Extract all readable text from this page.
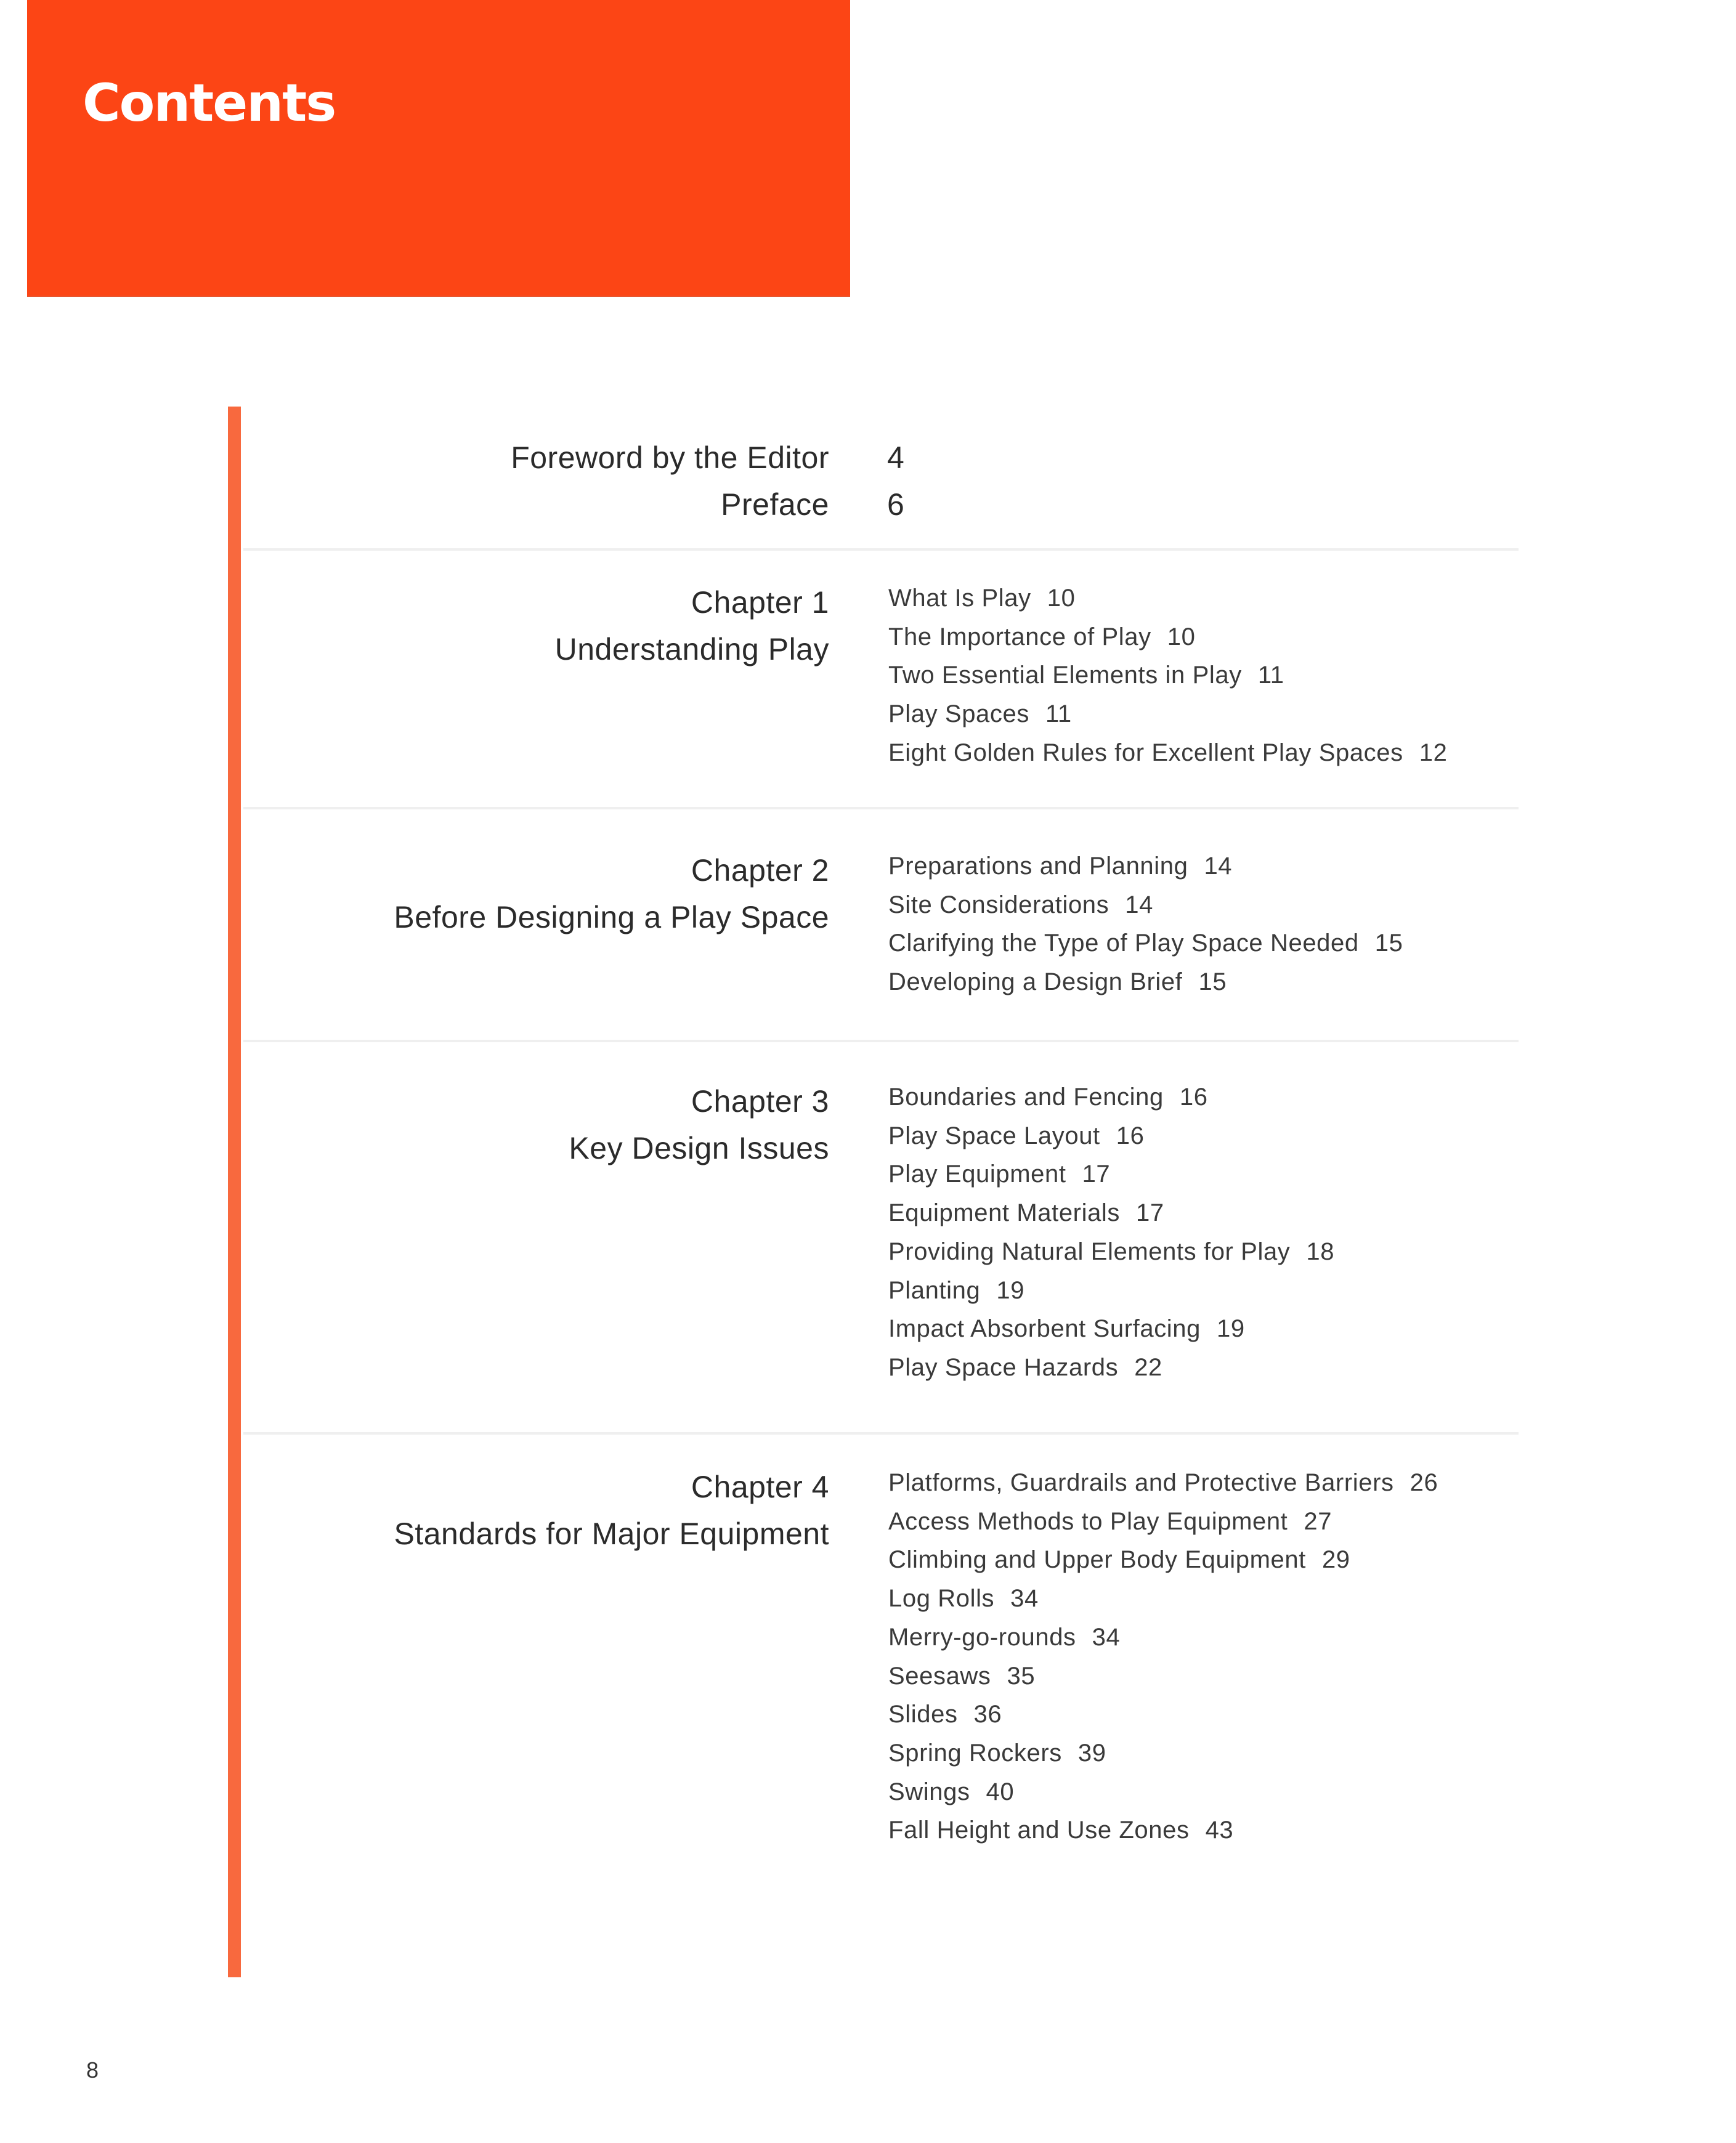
Contents
Foreword by the Editor
Preface
4
6
Chapter 1
Understanding Play
What Is Play 10
The Importance of Play 10
Two Essential Elements in Play 11
Play Spaces 11
Eight Golden Rules for Excellent Play Spaces 12
Chapter 2
Before Designing a Play Space
Preparations and Planning 14
Site Considerations 14
Clarifying the Type of Play Space Needed 15
Developing a Design Brief 15
Chapter 3
Key Design Issues
Boundaries and Fencing 16
Play Space Layout 16
Play Equipment 17
Equipment Materials 17
Providing Natural Elements for Play 18
Planting 19
Impact Absorbent Surfacing 19
Play Space Hazards 22
Chapter 4
Standards for Major Equipment
Platforms, Guardrails and Protective Barriers 26
Access Methods to Play Equipment 27
Climbing and Upper Body Equipment 29
Log Rolls 34
Merry-go-rounds 34
Seesaws 35
Slides 36
Spring Rockers 39
Swings 40
Fall Height and Use Zones 43
8
